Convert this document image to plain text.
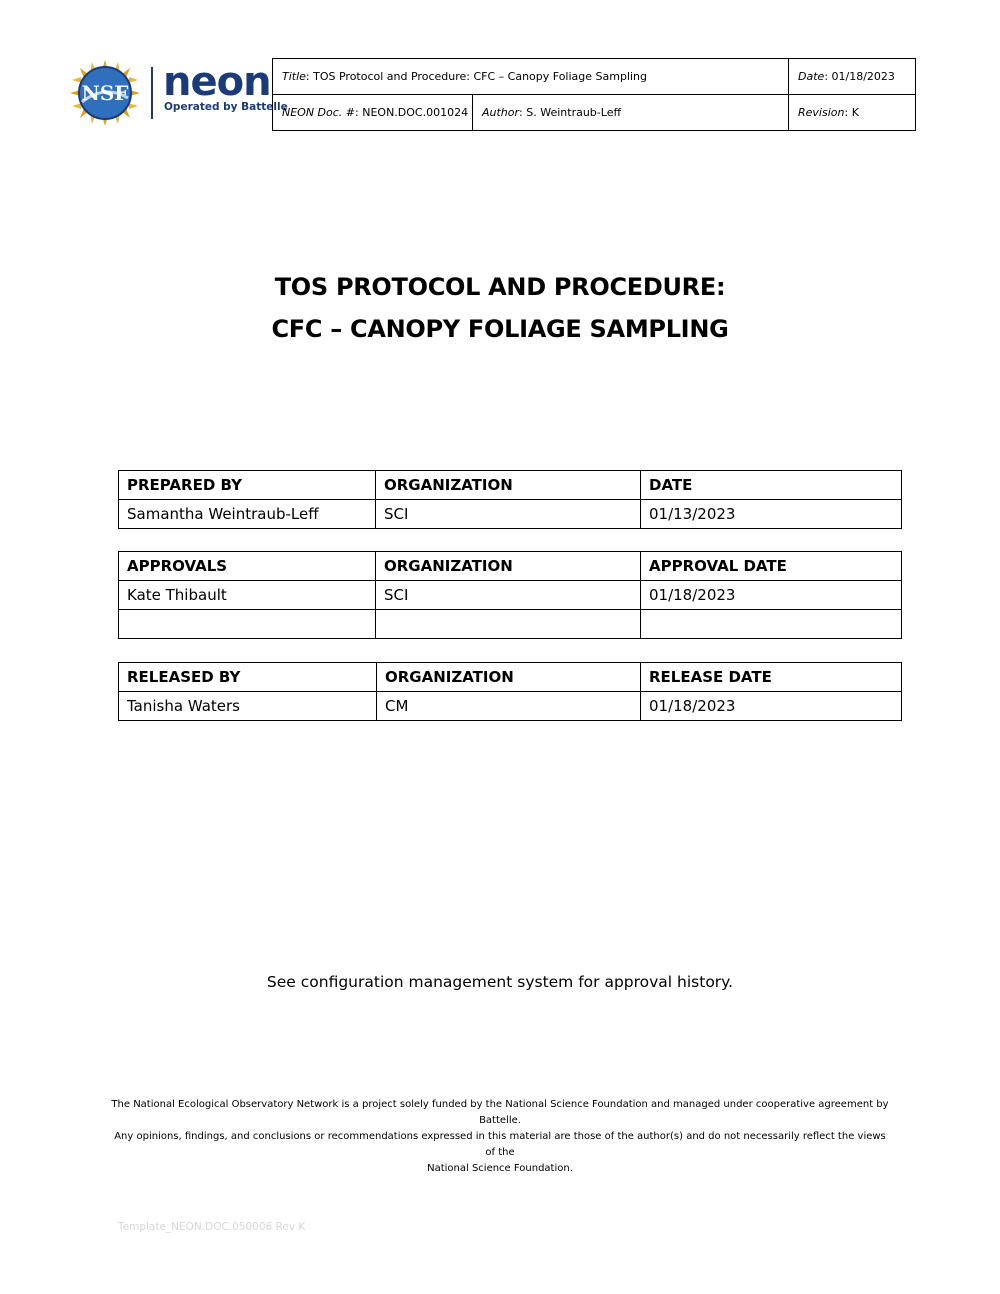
NSF neon
Operated by Battelle
Title: TOS Protocol and Procedure: CFC – Canopy Foliage Sampling		Date: 01/18/2023
NEON Doc. #: NEON.DOC.001024	Author: S. Weintraub-Leff	Revision: K
TOS PROTOCOL AND PROCEDURE:
CFC – CANOPY FOLIAGE SAMPLING
PREPARED BY	ORGANIZATION	DATE
Samantha Weintraub-Leff	SCI	01/13/2023
APPROVALS	ORGANIZATION	APPROVAL DATE
Kate Thibault	SCI	01/18/2023

RELEASED BY	ORGANIZATION	RELEASE DATE
Tanisha Waters	CM	01/18/2023
See configuration management system for approval history.
The National Ecological Observatory Network is a project solely funded by the National Science Foundation and managed under cooperative agreement by Battelle.
Any opinions, findings, and conclusions or recommendations expressed in this material are those of the author(s) and do not necessarily reflect the views of the
National Science Foundation.
Template_NEON.DOC.050006 Rev K
